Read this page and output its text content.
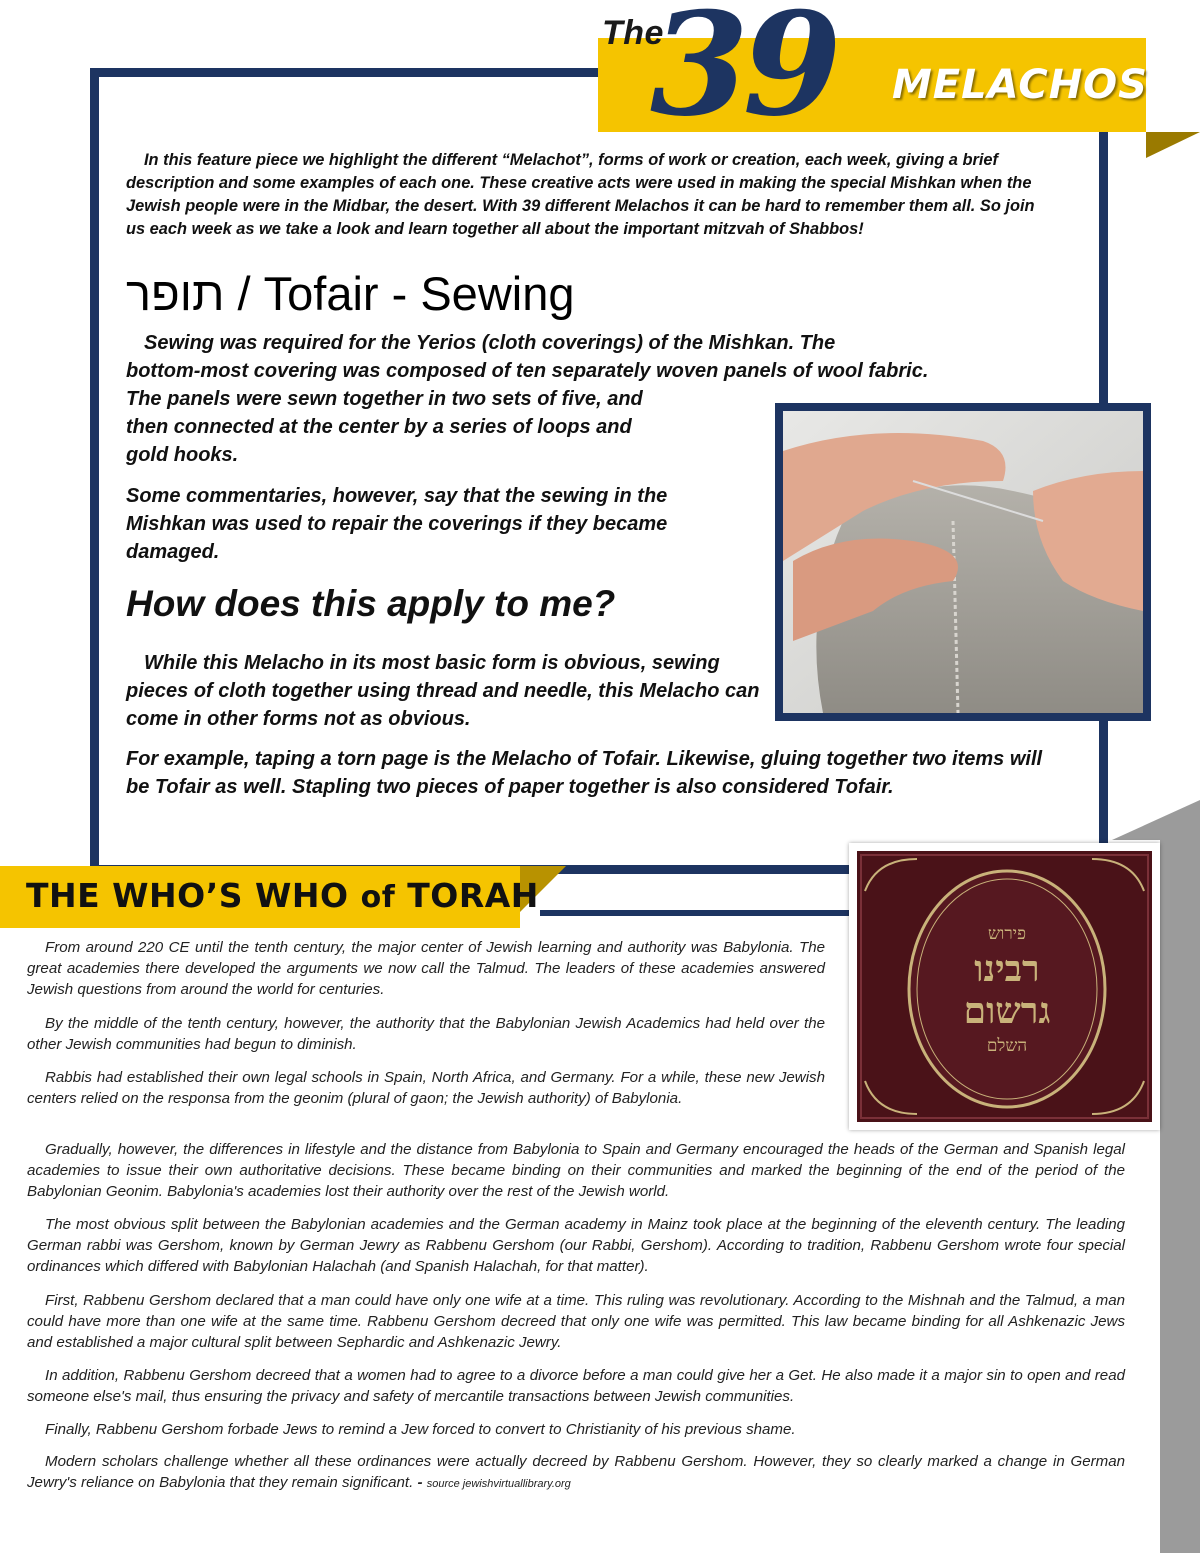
The
39 MELACHOS
In this feature piece we highlight the different “Melachot”, forms of work or creation, each week, giving a brief description and some examples of each one. These creative acts were used in making the special Mishkan when the Jewish people were in the Midbar, the desert. With 39 different Melachos it can be hard to remember them all. So join us each week as we take a look and learn together all about the important mitzvah of Shabbos!
תופר / Tofair - Sewing
Sewing was required for the Yerios (cloth coverings) of the Mishkan. The
bottom-most covering was composed of ten separately woven panels of wool fabric.
The panels were sewn together in two sets of five, and
then connected at the center by a series of loops and
gold hooks.
Some commentaries, however, say that the sewing in the Mishkan was used to repair the coverings if they became damaged.
How does this apply to me?
While this Melacho in its most basic form is obvious, sewing pieces of cloth together using thread and needle, this Melacho can come in other forms not as obvious.
For example, taping a torn page is the Melacho of Tofair. Likewise, gluing together two items will be Tofair as well. Stapling two pieces of paper together is also considered Tofair.
THE WHO’S WHO of TORAH
פירוש
רבינו
גרשום
השלם
From around 220 CE until the tenth century, the major center of Jewish learning and authority was Babylonia. The great academies there developed the arguments we now call the Talmud. The leaders of these academies answered Jewish questions from around the world for centuries.
By the middle of the tenth century, however, the authority that the Babylonian Jewish Academics had held over the other Jewish communities had begun to diminish.
Rabbis had established their own legal schools in Spain, North Africa, and Germany. For a while, these new Jewish centers relied on the responsa from the geonim (plural of gaon; the Jewish authority) of Babylonia.
Gradually, however, the differences in lifestyle and the distance from Babylonia to Spain and Germany encouraged the heads of the German and Spanish legal academies to issue their own authoritative decisions. These became binding on their communities and marked the beginning of the end of the period of the Babylonian Geonim. Babylonia's academies lost their authority over the rest of the Jewish world.
The most obvious split between the Babylonian academies and the German academy in Mainz took place at the beginning of the eleventh century. The leading German rabbi was Gershom, known by German Jewry as Rabbenu Gershom (our Rabbi, Gershom). According to tradition, Rabbenu Gershom wrote four special ordinances which differed with Babylonian Halachah (and Spanish Halachah, for that matter).
First, Rabbenu Gershom declared that a man could have only one wife at a time. This ruling was revolutionary. According to the Mishnah and the Talmud, a man could have more than one wife at the same time. Rabbenu Gershom decreed that only one wife was permitted. This law became binding for all Ashkenazic Jews and established a major cultural split between Sephardic and Ashkenazic Jewry.
In addition, Rabbenu Gershom decreed that a women had to agree to a divorce before a man could give her a Get. He also made it a major sin to open and read someone else's mail, thus ensuring the privacy and safety of mercantile transactions between Jewish communities.
Finally, Rabbenu Gershom forbade Jews to remind a Jew forced to convert to Christianity of his previous shame.
Modern scholars challenge whether all these ordinances were actually decreed by Rabbenu Gershom. However, they so clearly marked a change in German Jewry's reliance on Babylonia that they remain significant. - source jewishvirtuallibrary.org
